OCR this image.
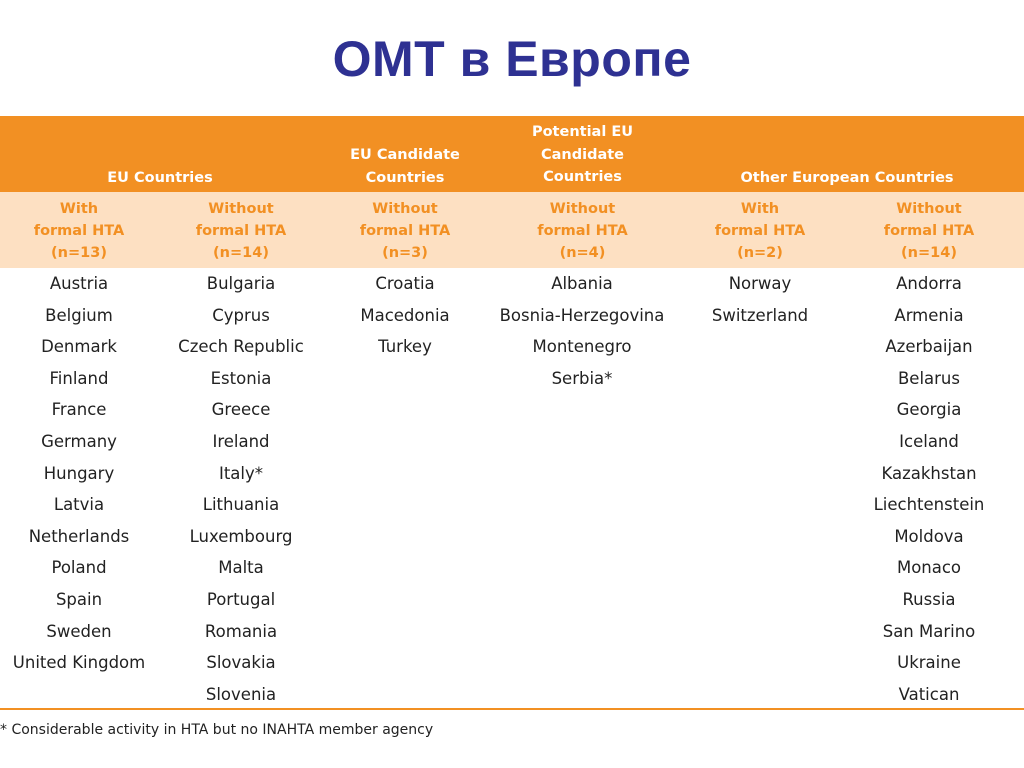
ОМТ в Европе
EU Countries
EU Candidate
Countries
Potential EU
Candidate
Countries	Other European Countries
With
formal HTA
(n=13)
Without
formal HTA
(n=14)
Without
formal HTA
(n=3)
Without
formal HTA
(n=4)
With
formal HTA
(n=2)
Without
formal HTA
(n=14)
Austria
Belgium
Denmark
Finland
France
Germany
Hungary
Latvia
Netherlands
Poland
Spain
Sweden
United Kingdom
Bulgaria
Cyprus
Czech Republic
Estonia
Greece
Ireland
Italy*
Lithuania
Luxembourg
Malta
Portugal
Romania
Slovakia
Slovenia
Croatia
Macedonia
Turkey
Albania
Bosnia-Herzegovina
Montenegro
Serbia*
Norway
Switzerland
Andorra
Armenia
Azerbaijan
Belarus
Georgia
Iceland
Kazakhstan
Liechtenstein
Moldova
Monaco
Russia
San Marino
Ukraine
Vatican
* Considerable activity in HTA but no INAHTA member agency
